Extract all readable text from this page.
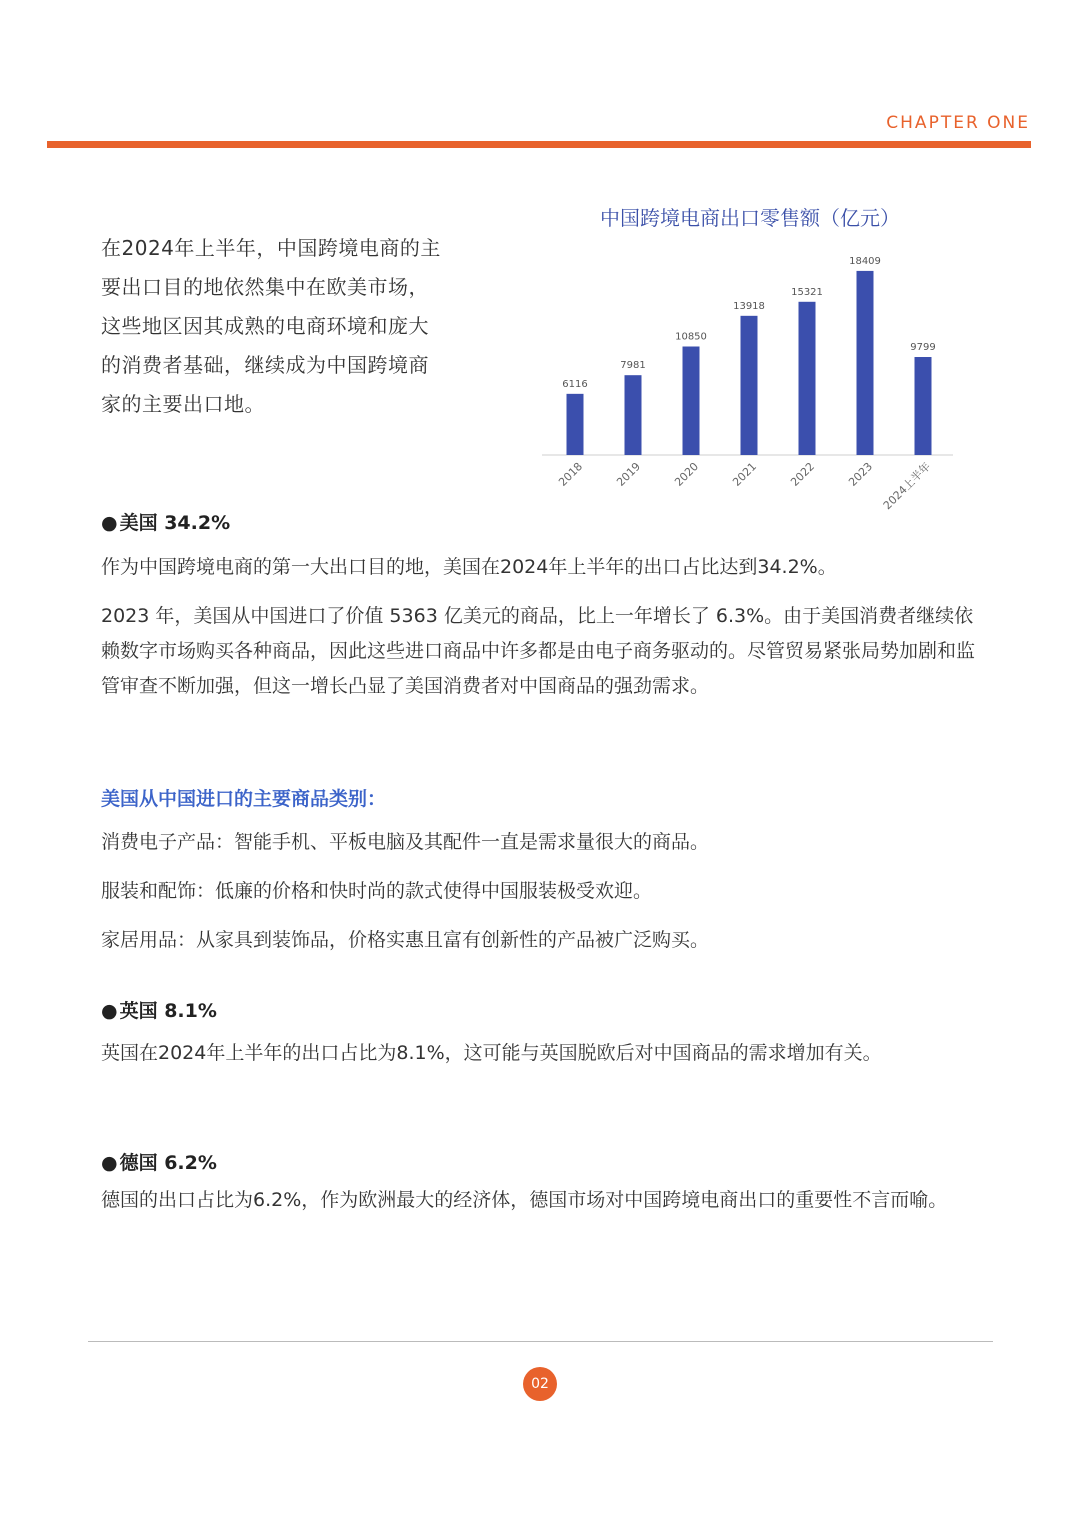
CHAPTER ONE

在2024年上半年，中国跨境电商的主要出口目的地依然集中在欧美市场，这些地区因其成熟的电商环境和庞大的消费者基础，继续成为中国跨境商家的主要出口地。

中国跨境电商出口零售额（亿元）
6116
2018
7981
2019
10850
2020
13918
2021
15321
2022
18409
2023
9799
2024上半年

● 美国 34.2%

作为中国跨境电商的第一大出口目的地，美国在2024年上半年的出口占比达到34.2%。

2023 年，美国从中国进口了价值 5363 亿美元的商品，比上一年增长了 6.3%。由于美国消费者继续依赖数字市场购买各种商品，因此这些进口商品中许多都是由电子商务驱动的。尽管贸易紧张局势加剧和监管审查不断加强，但这一增长凸显了美国消费者对中国商品的强劲需求。

美国从中国进口的主要商品类别：

消费电子产品：智能手机、平板电脑及其配件一直是需求量很大的商品。

服装和配饰：低廉的价格和快时尚的款式使得中国服装极受欢迎。

家居用品：从家具到装饰品，价格实惠且富有创新性的产品被广泛购买。

● 英国 8.1%

英国在2024年上半年的出口占比为8.1%，这可能与英国脱欧后对中国商品的需求增加有关。

● 德国 6.2%

德国的出口占比为6.2%，作为欧洲最大的经济体，德国市场对中国跨境电商出口的重要性不言而喻。

02
